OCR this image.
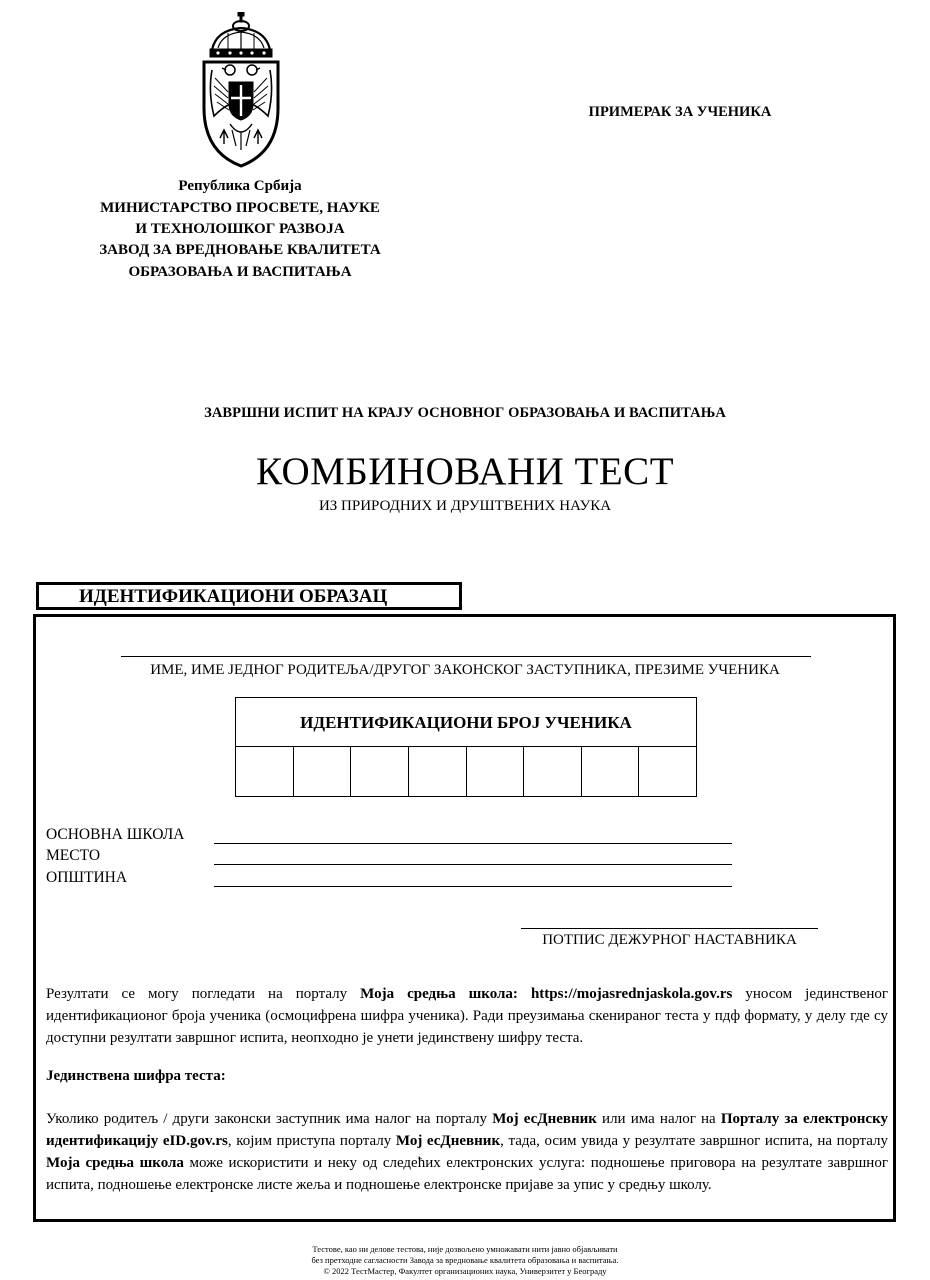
Република Србија
МИНИСТАРСТВО ПРОСВЕТЕ, НАУКЕ
И ТЕХНОЛОШКОГ РАЗВОЈА
ЗАВОД ЗА ВРЕДНОВАЊЕ КВАЛИТЕТА
ОБРАЗОВАЊА И ВАСПИТАЊА
ПРИМЕРАК ЗА УЧЕНИКА
ЗАВРШНИ ИСПИТ НА КРАЈУ ОСНОВНОГ ОБРАЗОВАЊА И ВАСПИТАЊА
КОМБИНОВАНИ ТЕСТ
ИЗ ПРИРОДНИХ И ДРУШТВЕНИХ НАУКА
ИДЕНТИФИКАЦИОНИ ОБРАЗАЦ
ИМЕ, ИМЕ ЈЕДНОГ РОДИТЕЉА/ДРУГОГ ЗАКОНСКОГ ЗАСТУПНИКА, ПРЕЗИМЕ УЧЕНИКА
ИДЕНТИФИКАЦИОНИ БРОЈ УЧЕНИКА
ОСНОВНА ШКОЛА
МЕСТО
ОПШТИНА
ПОТПИС ДЕЖУРНОГ НАСТАВНИКА
Резултати се могу погледати на порталу Моја средња школа: https://mojasrednjaskola.gov.rs уносом јединственог идентификационог броја ученика (осмоцифрена шифра ученика). Ради преузимања скенираног теста у пдф формату, у делу где су доступни резултати завршног испита, неопходно је унети јединствену шифру теста.
Јединствена шифра теста:
Уколико родитељ / други законски заступник има налог на порталу Мој есДневник или има налог на Порталу за електронску идентификацију eID.gov.rs, којим приступа порталу Мој есДневник, тада, осим увида у резултате завршног испита, на порталу Моја средња школа може искористити и неку од следећих електронских услуга: подношење приговора на резултате завршног испита, подношење електронске листе жеља и подношење електронске пријаве за упис у средњу школу.
Тестове, као ни делове тестова, није дозвољено умножавати нити јавно објављивати
без претходне сагласности Завода за вредновање квалитета образовања и васпитања.
© 2022 ТестМастер, Факултет организационих наука, Универзитет у Београду
